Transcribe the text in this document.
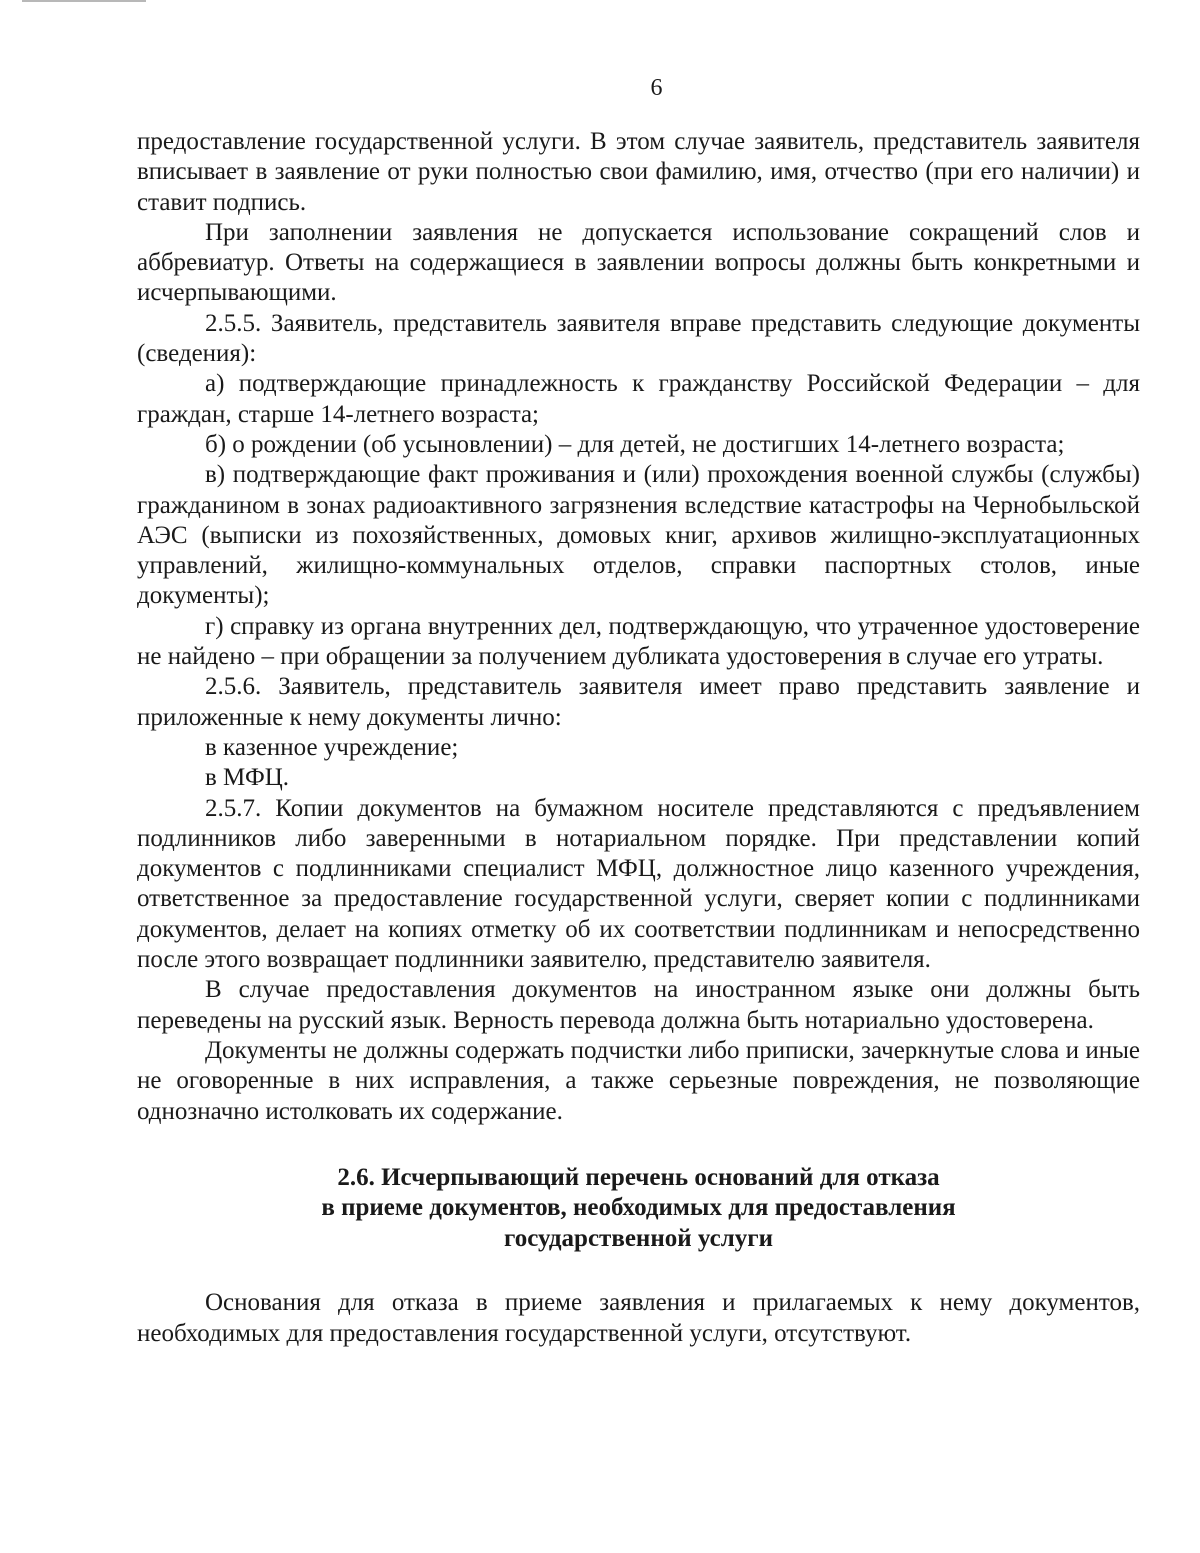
6

предоставление государственной услуги. В этом случае заявитель, представитель заявителя вписывает в заявление от руки полностью свои фамилию, имя, отчество (при его наличии) и ставит подпись.

При заполнении заявления не допускается использование сокращений слов и аббревиатур. Ответы на содержащиеся в заявлении вопросы должны быть конкретными и исчерпывающими.

2.5.5. Заявитель, представитель заявителя вправе представить следующие документы (сведения):

а) подтверждающие принадлежность к гражданству Российской Федерации – для граждан, старше 14-летнего возраста;

б) о рождении (об усыновлении) – для детей, не достигших 14-летнего возраста;

в) подтверждающие факт проживания и (или) прохождения военной службы (службы) гражданином в зонах радиоактивного загрязнения вследствие катастрофы на Чернобыльской АЭС (выписки из похозяйственных, домовых книг, архивов жилищно-эксплуатационных управлений, жилищно-коммунальных отделов, справки паспортных столов, иные документы);

г) справку из органа внутренних дел, подтверждающую, что утраченное удостоверение не найдено – при обращении за получением дубликата удостоверения в случае его утраты.

2.5.6. Заявитель, представитель заявителя имеет право представить заявление и приложенные к нему документы лично:

в казенное учреждение;

в МФЦ.

2.5.7. Копии документов на бумажном носителе представляются с предъявлением подлинников либо заверенными в нотариальном порядке. При представлении копий документов с подлинниками специалист МФЦ, должностное лицо казенного учреждения, ответственное за предоставление государственной услуги, сверяет копии с подлинниками документов, делает на копиях отметку об их соответствии подлинникам и непосредственно после этого возвращает подлинники заявителю, представителю заявителя.

В случае предоставления документов на иностранном языке они должны быть переведены на русский язык. Верность перевода должна быть нотариально удостоверена.

Документы не должны содержать подчистки либо приписки, зачеркнутые слова и иные не оговоренные в них исправления, а также серьезные повреждения, не позволяющие однозначно истолковать их содержание.

2.6. Исчерпывающий перечень оснований для отказа
в приеме документов, необходимых для предоставления
государственной услуги

Основания для отказа в приеме заявления и прилагаемых к нему документов, необходимых для предоставления государственной услуги, отсутствуют.
